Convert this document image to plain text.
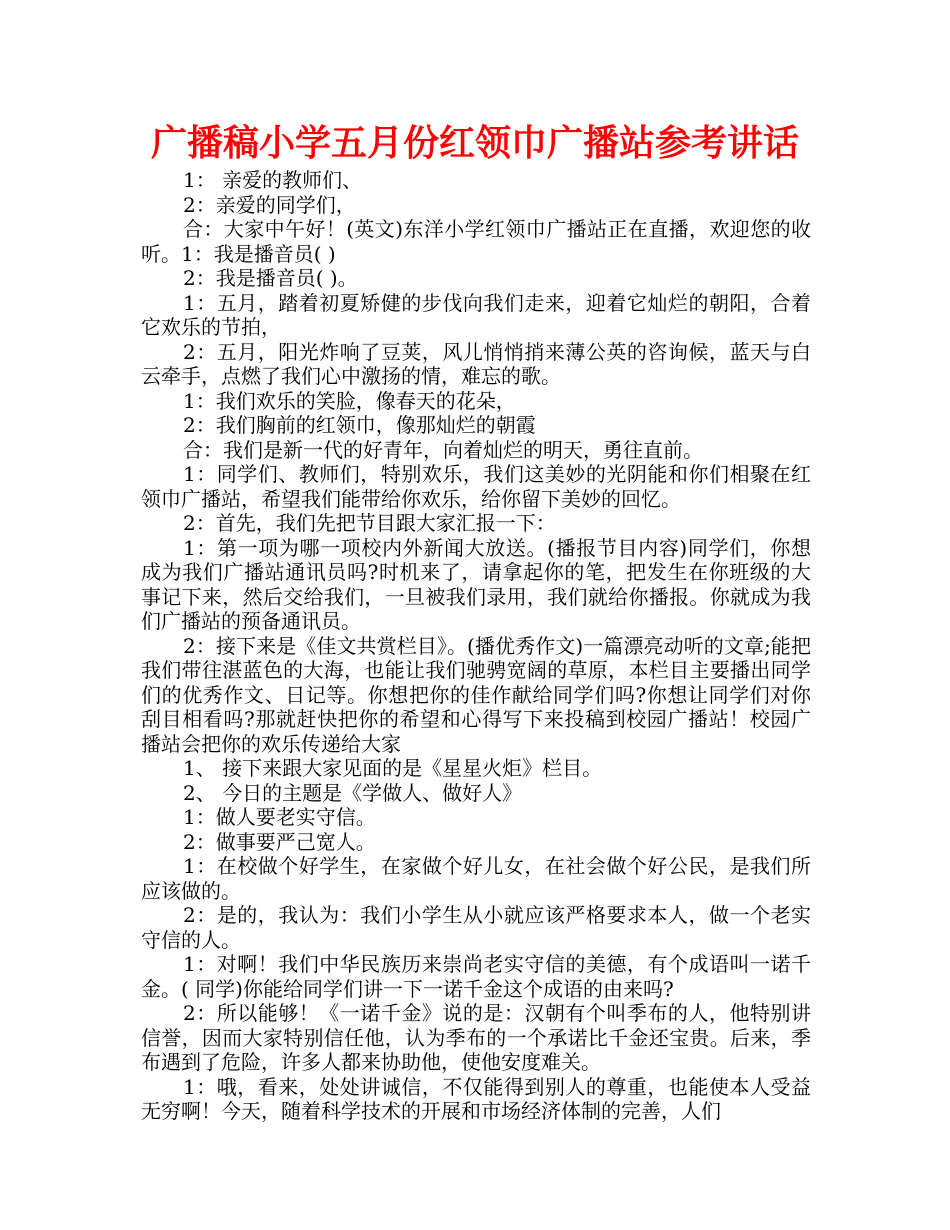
广播稿小学五月份红领巾广播站参考讲话

1： 亲爱的教师们、

2：亲爱的同学们，

合：大家中午好！(英文)东洋小学红领巾广播站正在直播，欢迎您的收听。1：我是播音员( )

2：我是播音员( )。

1：五月，踏着初夏矫健的步伐向我们走来，迎着它灿烂的朝阳，合着它欢乐的节拍，

2：五月，阳光炸响了豆荚，风儿悄悄捎来薄公英的咨询候，蓝天与白云牵手，点燃了我们心中激扬的情，难忘的歌。

1：我们欢乐的笑脸，像春天的花朵，

2：我们胸前的红领巾，像那灿烂的朝霞

合：我们是新一代的好青年，向着灿烂的明天，勇往直前。

1：同学们、教师们，特别欢乐，我们这美妙的光阴能和你们相聚在红领巾广播站，希望我们能带给你欢乐，给你留下美妙的回忆。

2：首先，我们先把节目跟大家汇报一下：

1：第一项为哪一项校内外新闻大放送。(播报节目内容)同学们，你想成为我们广播站通讯员吗?时机来了，请拿起你的笔，把发生在你班级的大事记下来，然后交给我们，一旦被我们录用，我们就给你播报。你就成为我们广播站的预备通讯员。

2：接下来是《佳文共赏栏目》。(播优秀作文)一篇漂亮动听的文章;能把我们带往湛蓝色的大海，也能让我们驰骋宽阔的草原，本栏目主要播出同学们的优秀作文、日记等。你想把你的佳作献给同学们吗?你想让同学们对你刮目相看吗?那就赶快把你的希望和心得写下来投稿到校园广播站！校园广播站会把你的欢乐传递给大家

1、 接下来跟大家见面的是《星星火炬》栏目。

2、 今日的主题是《学做人、做好人》

1：做人要老实守信。

2：做事要严己宽人。

1：在校做个好学生，在家做个好儿女，在社会做个好公民，是我们所应该做的。

2：是的，我认为：我们小学生从小就应该严格要求本人，做一个老实守信的人。

1：对啊！我们中华民族历来崇尚老实守信的美德，有个成语叫一诺千金。( 同学)你能给同学们讲一下一诺千金这个成语的由来吗?

2：所以能够！《一诺千金》说的是：汉朝有个叫季布的人，他特别讲信誉，因而大家特别信任他，认为季布的一个承诺比千金还宝贵。后来，季布遇到了危险，许多人都来协助他，使他安度难关。

1：哦，看来，处处讲诚信，不仅能得到别人的尊重，也能使本人受益无穷啊！今天，随着科学技术的开展和市场经济体制的完善，人们
